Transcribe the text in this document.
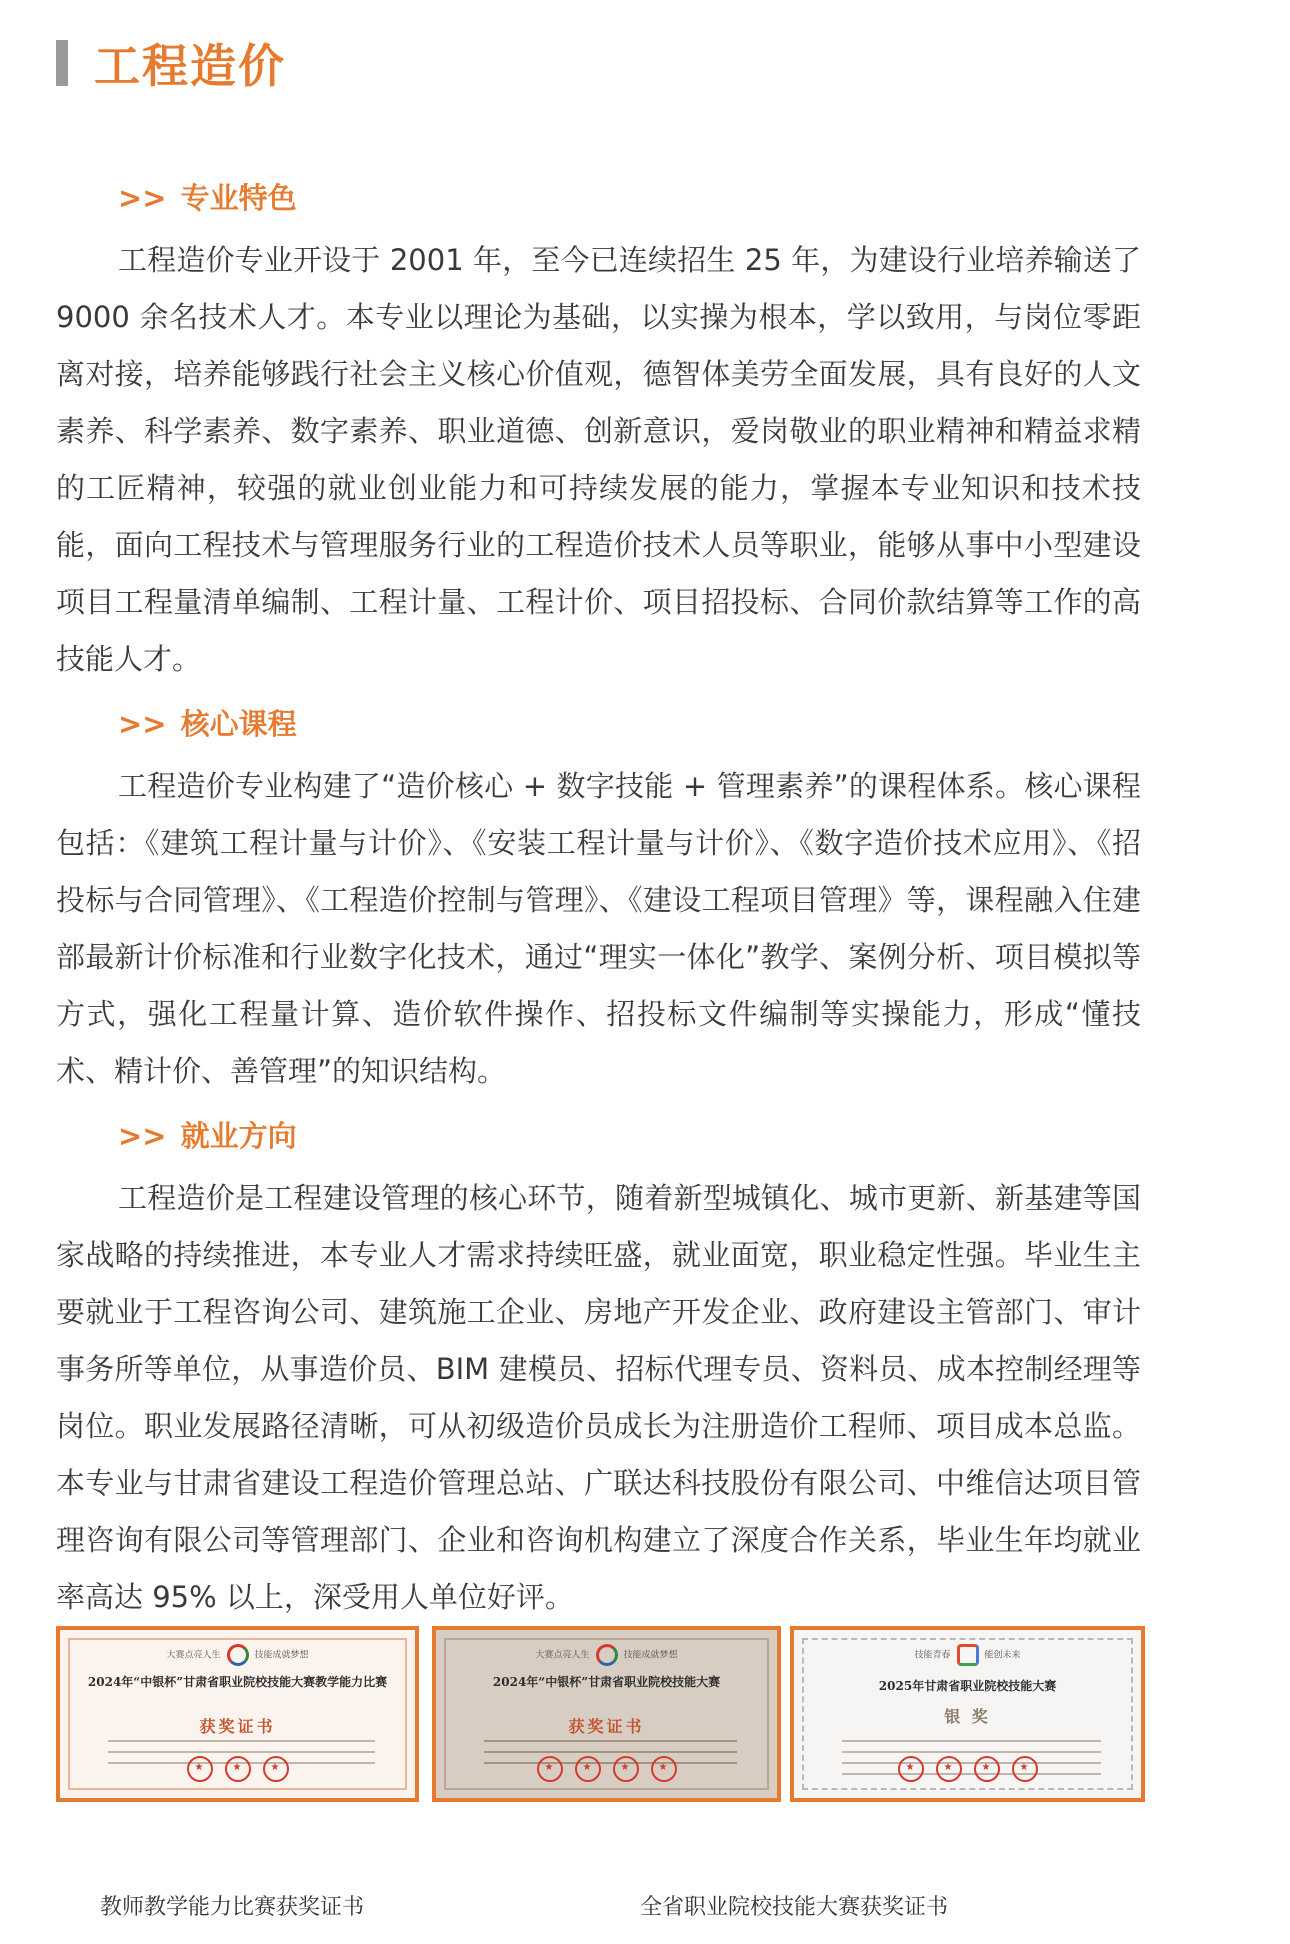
工程造价
>> 专业特色

工程造价专业开设于 2001 年，至今已连续招生 25 年，为建设行业培养输送了 9000 余名技术人才。本专业以理论为基础，以实操为根本，学以致用，与岗位零距离对接，培养能够践行社会主义核心价值观，德智体美劳全面发展，具有良好的人文素养、科学素养、数字素养、职业道德、创新意识，爱岗敬业的职业精神和精益求精的工匠精神，较强的就业创业能力和可持续发展的能力，掌握本专业知识和技术技能，面向工程技术与管理服务行业的工程造价技术人员等职业，能够从事中小型建设项目工程量清单编制、工程计量、工程计价、项目招投标、合同价款结算等工作的高技能人才。

>> 核心课程

工程造价专业构建了“造价核心 + 数字技能 + 管理素养”的课程体系。核心课程包括：《建筑工程计量与计价》、《安装工程计量与计价》、《数字造价技术应用》、《招投标与合同管理》、《工程造价控制与管理》、《建设工程项目管理》等，课程融入住建部最新计价标准和行业数字化技术，通过“理实一体化”教学、案例分析、项目模拟等方式，强化工程量计算、造价软件操作、招投标文件编制等实操能力，形成“懂技术、精计价、善管理”的知识结构。

>> 就业方向

工程造价是工程建设管理的核心环节，随着新型城镇化、城市更新、新基建等国家战略的持续推进，本专业人才需求持续旺盛，就业面宽，职业稳定性强。毕业生主要就业于工程咨询公司、建筑施工企业、房地产开发企业、政府建设主管部门、审计事务所等单位，从事造价员、BIM 建模员、招标代理专员、资料员、成本控制经理等岗位。职业发展路径清晰，可从初级造价员成长为注册造价工程师、项目成本总监。本专业与甘肃省建设工程造价管理总站、广联达科技股份有限公司、中维信达项目管理咨询有限公司等管理部门、企业和咨询机构建立了深度合作关系，毕业生年均就业率高达 95% 以上，深受用人单位好评。

大赛点亮人生	技能成就梦想
2024年“中银杯”甘肃省职业院校技能大赛教学能力比赛
获奖证书
★★★
大赛点亮人生	技能成就梦想
2024年“中银杯”甘肃省职业院校技能大赛
获奖证书
★★★★
技能青春	能创未来
2025年甘肃省职业院校技能大赛
银 奖
★★★★
教师教学能力比赛获奖证书	全省职业院校技能大赛获奖证书
